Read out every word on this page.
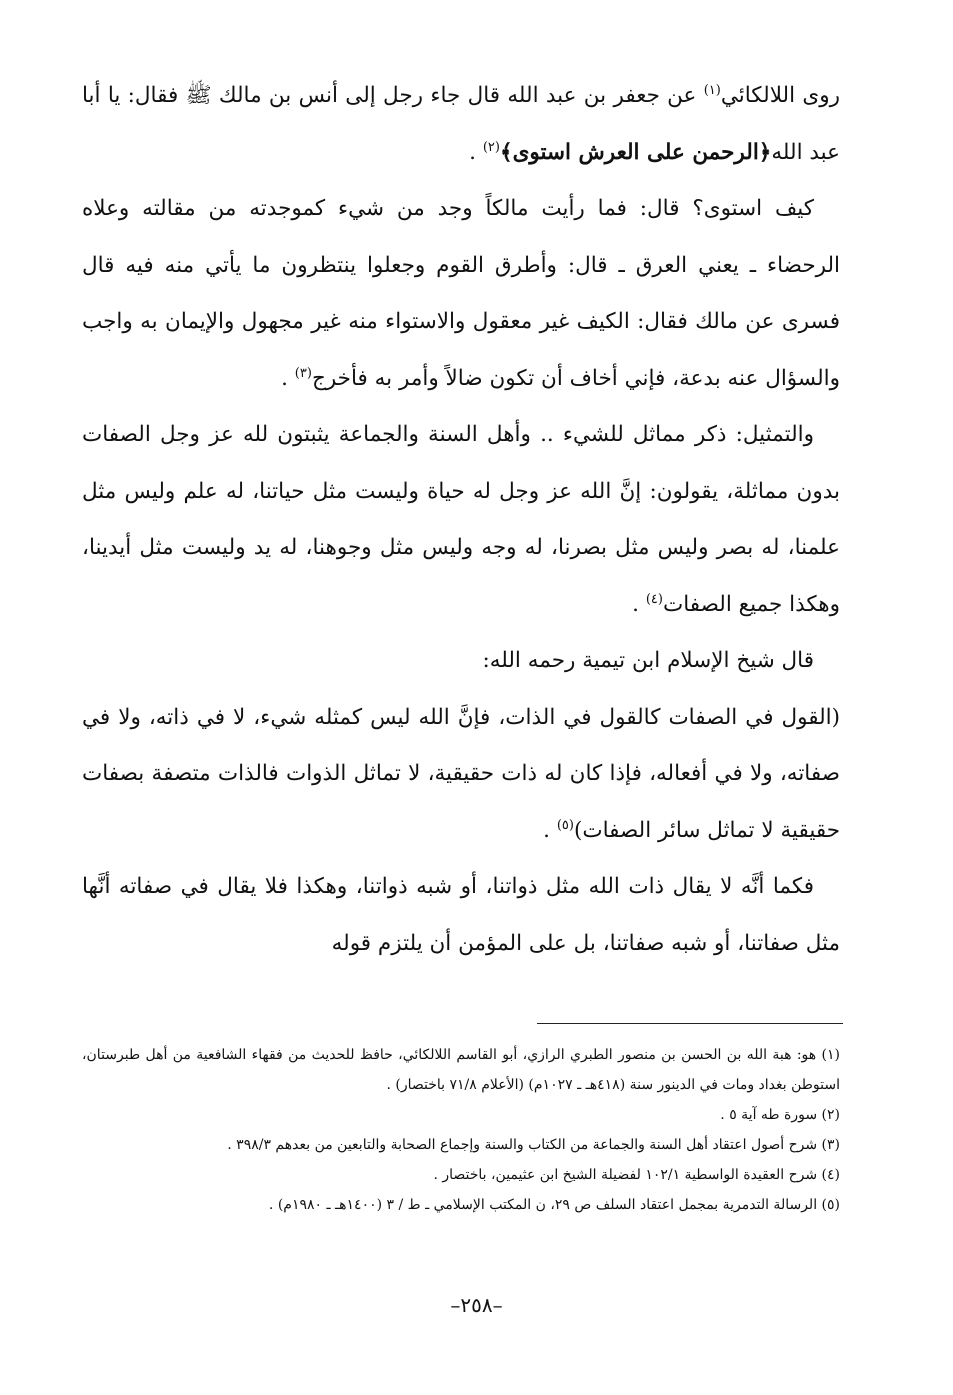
روى اللالكائي$^{(١)}$ عن جعفر بن عبد الله قال جاء رجل إلى أنس بن مالك ﷺ فقال: يا أبا عبد الله﴿الرحمن على العرش استوى﴾$^{(٢)}$ .

كيف استوى؟ قال: فما رأيت مالكاً وجد من شيء كموجدته من مقالته وعلاه الرحضاء ـ يعني العرق ـ قال: وأطرق القوم وجعلوا ينتظرون ما يأتي منه فيه قال فسرى عن مالك فقال: الكيف غير معقول والاستواء منه غير مجهول والإيمان به واجب والسؤال عنه بدعة، فإني أخاف أن تكون ضالاً وأمر به فأخرج$^{(٣)}$ .

والتمثيل: ذكر مماثل للشيء .. وأهل السنة والجماعة يثبتون لله عز وجل الصفات بدون مماثلة، يقولون: إنَّ الله عز وجل له حياة وليست مثل حياتنا، له علم وليس مثل علمنا، له بصر وليس مثل بصرنا، له وجه وليس مثل وجوهنا، له يد وليست مثل أيدينا، وهكذا جميع الصفات$^{(٤)}$ .

قال شيخ الإسلام ابن تيمية رحمه الله:

(القول في الصفات كالقول في الذات، فإنَّ الله ليس كمثله شيء، لا في ذاته، ولا في صفاته، ولا في أفعاله، فإذا كان له ذات حقيقية، لا تماثل الذوات فالذات متصفة بصفات حقيقية لا تماثل سائر الصفات)$^{(٥)}$ .

فكما أنَّه لا يقال ذات الله مثل ذواتنا، أو شبه ذواتنا، وهكذا فلا يقال في صفاته أنَّها مثل صفاتنا، أو شبه صفاتنا، بل على المؤمن أن يلتزم قوله

(١) هو: هبة الله بن الحسن بن منصور الطبري الرازي، أبو القاسم اللالكائي، حافظ للحديث من فقهاء الشافعية من أهل طبرستان، استوطن بغداد ومات في الدينور سنة (٤١٨هـ ـ ١٠٢٧م) (الأعلام ٧١/٨ باختصار) .

(٢) سورة طه آية ٥ .

(٣) شرح أصول اعتقاد أهل السنة والجماعة من الكتاب والسنة وإجماع الصحابة والتابعين من بعدهم ٣٩٨/٣ .

(٤) شرح العقيدة الواسطية ١٠٢/١ لفضيلة الشيخ ابن عثيمين، باختصار .

(٥) الرسالة التدمرية بمجمل اعتقاد السلف ص ٢٩، ن المكتب الإسلامي ـ ط / ٣ (١٤٠٠هـ ـ ١٩٨٠م) .

–٢٥٨–
